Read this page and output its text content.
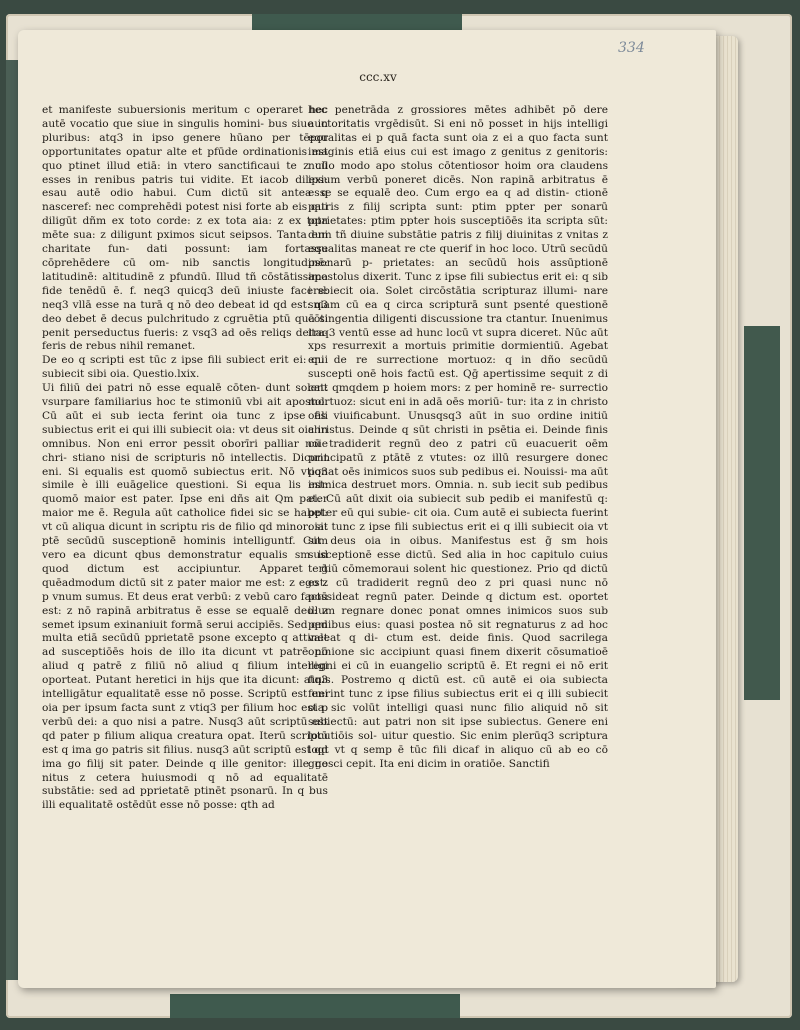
334
ccc.xv

et manifeste subuersionis meritum c operaret hec autē vocatio que siue in singulis homini- bus siue in pluribus: atq3 in ipso genere hūano per tēpor opportunitates opatur alte et pfūde ordinationis est quo ptinet illud etiā: in vtero sanctificaui te z cū esses in renibus patris tui vidite. Et iacob dilexi: esau autē odio habui. Cum dictū sit antea q nasceref: nec comprehēdi potest nisi forte ab eis qui diligūt dñm ex toto corde: z ex tota aia: z ex tota mēte sua: z diligunt pximos sicut seipsos. Tanta eni charitate fun- dati possunt: iam fortasse cōprehēdere cū om- nib sanctis longitudinē: latitudinē: altitudinē z pfundū. Illud tñ cōstātissima fide tenēdū ē. f. neq3 quicq3 deū iniuste facere: neq3 vllā esse na turā q nō deo debeat id qd est: q3 deo debet ē decus pulchritudo z cgruētia ptū quā si penit perseductus fueris: z vsq3 ad oēs reliqs detra- feris de rebus nihil remanet.

De eo q scripti est tūc z ipse fili subiect erit ei: qui subiecit sibi oia. Questio.lxix.

Ui filiū dei patri nō esse equalē cōten- dunt solent vsurpare familiarius hoc te stimoniū vbi ait apostol. Cū aūt ei sub iecta ferint oia tunc z ipse fili subiectus erit ei qui illi subiecit oia: vt deus sit oia in omnibus. Non eni error pessit oborīri palliar noie chri- stiano nisi de scripturis nō intellectis. Dicunt eni. Si equalis est quomō subiectus erit. Nō vtiq3 simile è illi euāgelice questioni. Si equa lis est: quomō maior est pater. Ipse eni dñs ait Qm pater maior me ē. Regula aūt catholice fidei sic se habet: vt cū aliqua dicunt in scriptu ris de filio qd minor: sit ptē secūdū susceptionē hominis intelliguntf. Cum vero ea dicunt qbus demonstratur equalis sm id quod dictum est accipiuntur. Apparet ḡ quēadmodum dictū sit z pater maior me est: z ego z p vnum sumus. Et deus erat verbū: z vebū caro factū est: z nō rapinā arbitratus ē esse se equalē deo: z semet ipsum exinaniuit formā serui accipiēs. Sed qm multa etiā secūdū pprietatē psone excepto q attinet ad susceptiōēs hois de illo ita dicunt vt patrē nō aliud q patrē z filiū nō aliud q filium intelligi oporteat. Putant heretici in hijs que ita dicunt: atq3 intelligātur equalitatē esse nō posse. Scriptū est eni oia per ipsum facta sunt z vtiq3 per filium hoc est p verbū dei: a quo nisi a patre. Nusq3 aūt scriptū est qd pater p filium aliqua creatura opat. Iterū scriptū est q ima go patris sit filius. nusq3 aūt scriptū est qd ima go filij sit pater. Deinde q ille genitor: ille ge nitus z cetera huiusmodi q nō ad equalitatē substātie: sed ad pprietatē ptinēt psonarū. In q bus illi equalitatē ostēdūt esse nō posse: qth ad

hec penetrāda z grossiores mētes adhibēt pō dere auctoritatis vrgēdisūt. Si eni nō posset in hijs intelligi equalitas ei p quā facta sunt oia z ei a quo facta sunt imaginis etiā eius cui est imago z genitus z genitoris: nullo modo apo stolus cōtentiosor hoim ora claudens ipsum verbū poneret dicēs. Non rapinā arbitratus ē esse se equalē deo. Cum ergo ea q ad distin- ctionē patris z filij scripta sunt: ptim ppter per sonarū pprietates: ptim ppter hois susceptiōēs ita scripta sūt: dum tñ diuine substātie patris z filij diuinitas z vnitas z equalitas maneat re cte querif in hoc loco. Utrū secūdū psonarū p- prietates: an secūdū hois assūptionē apostolus dixerit. Tunc z ipse fili subiectus erit ei: q sib i sbiecit oia. Solet circōstātia scripturaz illumi- nare sniam cū ea q circa scripturā sunt psenté questionē cōtingentia diligenti discussione tra ctantur. Inuenimus itaq3 ventū esse ad hunc locū vt supra diceret. Nūc aūt xps resurrexit a mortuis primitie dormientiū. Agebat eni de re surrectione mortuoz: q in dño secūdū suscepti onē hois factū est. Qḡ apertissime sequit z di cat: qmqdem p hoiem mors: z per hominē re- surrectio mortuoz: sicut eni in adā oēs moriū- tur: ita z in christo oēs viuificabunt. Unusqsq3 aūt in suo ordine initiū christus. Deinde q sūt christi in psētia ei. Deinde finis cū tradiderit regnū deo z patri cū euacuerit oēm principatū z ptātē z vtutes: oz illū resurgere donec ponat oēs inimicos suos sub pedibus ei. Nouissi- ma aūt inimica destruet mors. Omnia. n. sub iecit sub pedibus ei. Cū aūt dixit oia subiecit sub pedib ei manifestū q: ppter eū qui subie- cit oia. Cum autē ei subiecta fuerint oia: tunc z ipse fili subiectus erit ei q illi subiecit oia vt sit deus oia in oibus. Manifestus est ḡ sm hois susceptionē esse dictū. Sed alia in hoc capitulo cuius tertiū cōmemoraui solent hic questionez. Prio qd dictū est: cū tradiderit regnū deo z pri quasi nunc nō possideat regnū pater. Deinde q dictum est. oportet illum regnare donec ponat omnes inimicos suos sub pedibus eius: quasi postea nō sit regnaturus z ad hoc valeat q di- ctum est. deide finis. Quod sacrilega opinione sic accipiunt quasi finem dixerit cōsumatioē regni ei cū in euangelio scriptū ē. Et regni ei nō erit finis. Postremo q dictū est. cū autē ei oia subiecta fuerint tunc z ipse filius subiectus erit ei q illi subiecit oia sic volūt intelligi quasi nunc filio aliquid nō sit subiectū: aut patri non sit ipse subiectus. Genere eni locutiōis sol- uitur questio. Sic enim plerūq3 scriptura loqt vt q semp ē tūc fili dicaf in aliquo cū ab eo cō gnosci cepit. Ita eni dicim in oratiōe. Sanctifi
